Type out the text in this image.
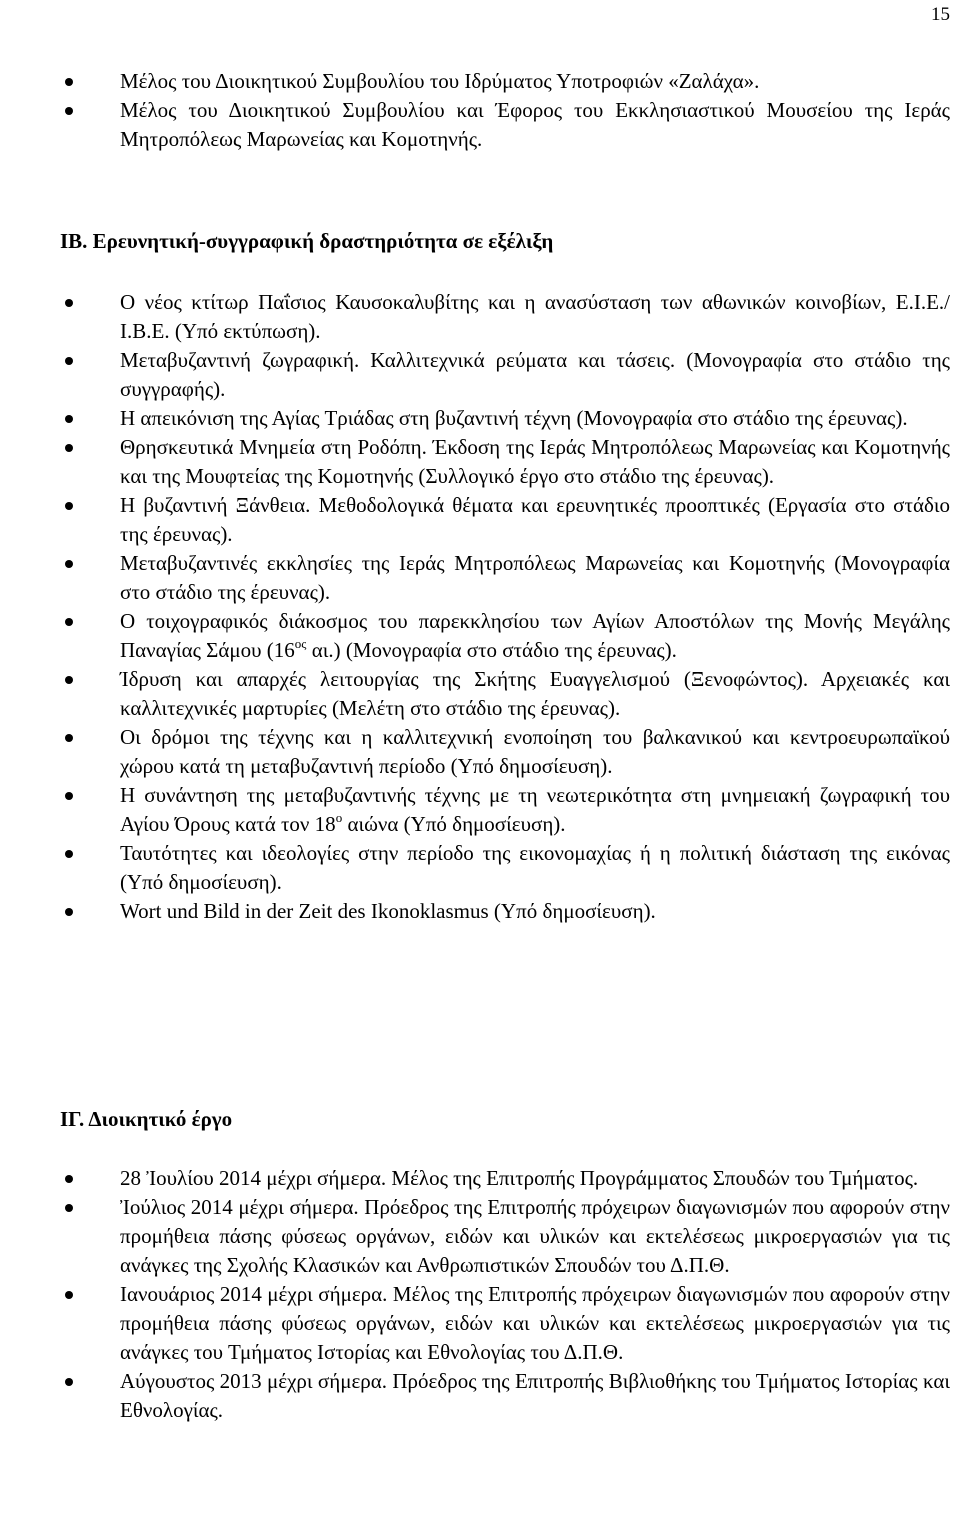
15
Μέλος του Διοικητικού Συμβουλίου του Ιδρύματος Υποτροφιών «Ζαλάχα».
Μέλος του Διοικητικού Συμβουλίου και Έφορος του Εκκλησιαστικού Μουσείου της Ιεράς Μητροπόλεως Μαρωνείας και Κομοτηνής.
ΙΒ. Ερευνητική-συγγραφική δραστηριότητα σε εξέλιξη
Ο νέος κτίτωρ Παΐσιος Καυσοκαλυβίτης και η ανασύσταση των αθωνικών κοινοβίων, Ε.Ι.Ε./Ι.Β.Ε. (Υπό εκτύπωση).
Μεταβυζαντινή ζωγραφική. Καλλιτεχνικά ρεύματα και τάσεις. (Μονογραφία στο στάδιο της συγγραφής).
Η απεικόνιση της Αγίας Τριάδας στη βυζαντινή τέχνη (Μονογραφία στο στάδιο της έρευνας).
Θρησκευτικά Μνημεία στη Ροδόπη. Έκδοση της Ιεράς Μητροπόλεως Μαρωνείας και Κομοτηνής και της Μουφτείας της Κομοτηνής (Συλλογικό έργο στο στάδιο της έρευνας).
Η βυζαντινή Ξάνθεια. Μεθοδολογικά θέματα και ερευνητικές προοπτικές (Εργασία στο στάδιο της έρευνας).
Μεταβυζαντινές εκκλησίες της Ιεράς Μητροπόλεως Μαρωνείας και Κομοτηνής (Μονογραφία στο στάδιο της έρευνας).
Ο τοιχογραφικός διάκοσμος του παρεκκλησίου των Αγίων Αποστόλων της Μονής Μεγάλης Παναγίας Σάμου ($16^{o\varsigma}$ αι.) (Μονογραφία στο στάδιο της έρευνας).
Ίδρυση και απαρχές λειτουργίας της Σκήτης Ευαγγελισμού (Ξενοφώντος). Αρχειακές και καλλιτεχνικές μαρτυρίες (Μελέτη στο στάδιο της έρευνας).
Οι δρόμοι της τέχνης και η καλλιτεχνική ενοποίηση του βαλκανικού και κεντροευρωπαϊκού χώρου κατά τη μεταβυζαντινή περίοδο (Υπό δημοσίευση).
Η συνάντηση της μεταβυζαντινής τέχνης με τη νεωτερικότητα στη μνημειακή ζωγραφική του Αγίου Όρους κατά τον $18^o$ αιώνα (Υπό δημοσίευση).
Ταυτότητες και ιδεολογίες στην περίοδο της εικονομαχίας ή η πολιτική διάσταση της εικόνας (Υπό δημοσίευση).
Wort und Bild in der Zeit des Ikonoklasmus (Υπό δημοσίευση).
ΙΓ. Διοικητικό έργο
28 Ἰουλίου 2014 μέχρι σήμερα. Μέλος της Επιτροπής Προγράμματος Σπουδών του Τμήματος.
Ἰούλιος 2014 μέχρι σήμερα. Πρόεδρος της Επιτροπής πρόχειρων διαγωνισμών που αφορούν στην προμήθεια πάσης φύσεως οργάνων, ειδών και υλικών και εκτελέσεως μικροεργασιών για τις ανάγκες της Σχολής Κλασικών και Ανθρωπιστικών Σπουδών του Δ.Π.Θ.
Ιανουάριος 2014 μέχρι σήμερα. Μέλος της Επιτροπής πρόχειρων διαγωνισμών που αφορούν στην προμήθεια πάσης φύσεως οργάνων, ειδών και υλικών και εκτελέσεως μικροεργασιών για τις ανάγκες του Τμήματος Ιστορίας και Εθνολογίας του Δ.Π.Θ.
Αύγουστος 2013 μέχρι σήμερα. Πρόεδρος της Επιτροπής Βιβλιοθήκης του Τμήματος Ιστορίας και Εθνολογίας.
